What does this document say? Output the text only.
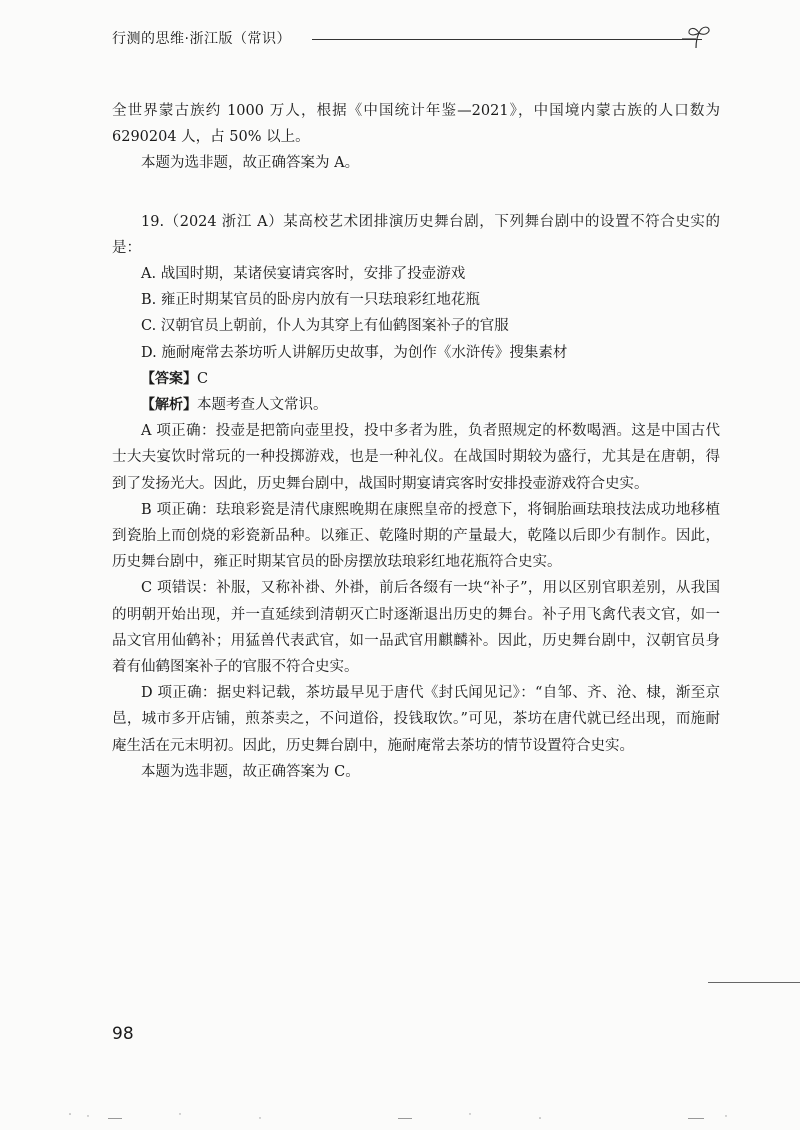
行测的思维·浙江版（常识）

全世界蒙古族约 1000 万人，根据《中国统计年鉴—2021》，中国境内蒙古族的人口数为 6290204 人，占 50% 以上。

本题为选非题，故正确答案为 A。

19.（2024 浙江 A）某高校艺术团排演历史舞台剧，下列舞台剧中的设置不符合史实的是：

A. 战国时期，某诸侯宴请宾客时，安排了投壶游戏

B. 雍正时期某官员的卧房内放有一只珐琅彩红地花瓶

C. 汉朝官员上朝前，仆人为其穿上有仙鹤图案补子的官服

D. 施耐庵常去茶坊听人讲解历史故事，为创作《水浒传》搜集素材

【答案】C

【解析】本题考查人文常识。

A 项正确：投壶是把箭向壶里投，投中多者为胜，负者照规定的杯数喝酒。这是中国古代士大夫宴饮时常玩的一种投掷游戏，也是一种礼仪。在战国时期较为盛行，尤其是在唐朝，得到了发扬光大。因此，历史舞台剧中，战国时期宴请宾客时安排投壶游戏符合史实。

B 项正确：珐琅彩瓷是清代康熙晚期在康熙皇帝的授意下，将铜胎画珐琅技法成功地移植到瓷胎上而创烧的彩瓷新品种。以雍正、乾隆时期的产量最大，乾隆以后即少有制作。因此，历史舞台剧中，雍正时期某官员的卧房摆放珐琅彩红地花瓶符合史实。

C 项错误：补服，又称补褂、外褂，前后各缀有一块“补子”，用以区别官职差别，从我国的明朝开始出现，并一直延续到清朝灭亡时逐渐退出历史的舞台。补子用飞禽代表文官，如一品文官用仙鹤补；用猛兽代表武官，如一品武官用麒麟补。因此，历史舞台剧中，汉朝官员身着有仙鹤图案补子的官服不符合史实。

D 项正确：据史料记载，茶坊最早见于唐代《封氏闻见记》：“自邹、齐、沧、棣，渐至京邑，城市多开店铺，煎茶卖之，不问道俗，投钱取饮。”可见，茶坊在唐代就已经出现，而施耐庵生活在元末明初。因此，历史舞台剧中，施耐庵常去茶坊的情节设置符合史实。

本题为选非题，故正确答案为 C。

98
